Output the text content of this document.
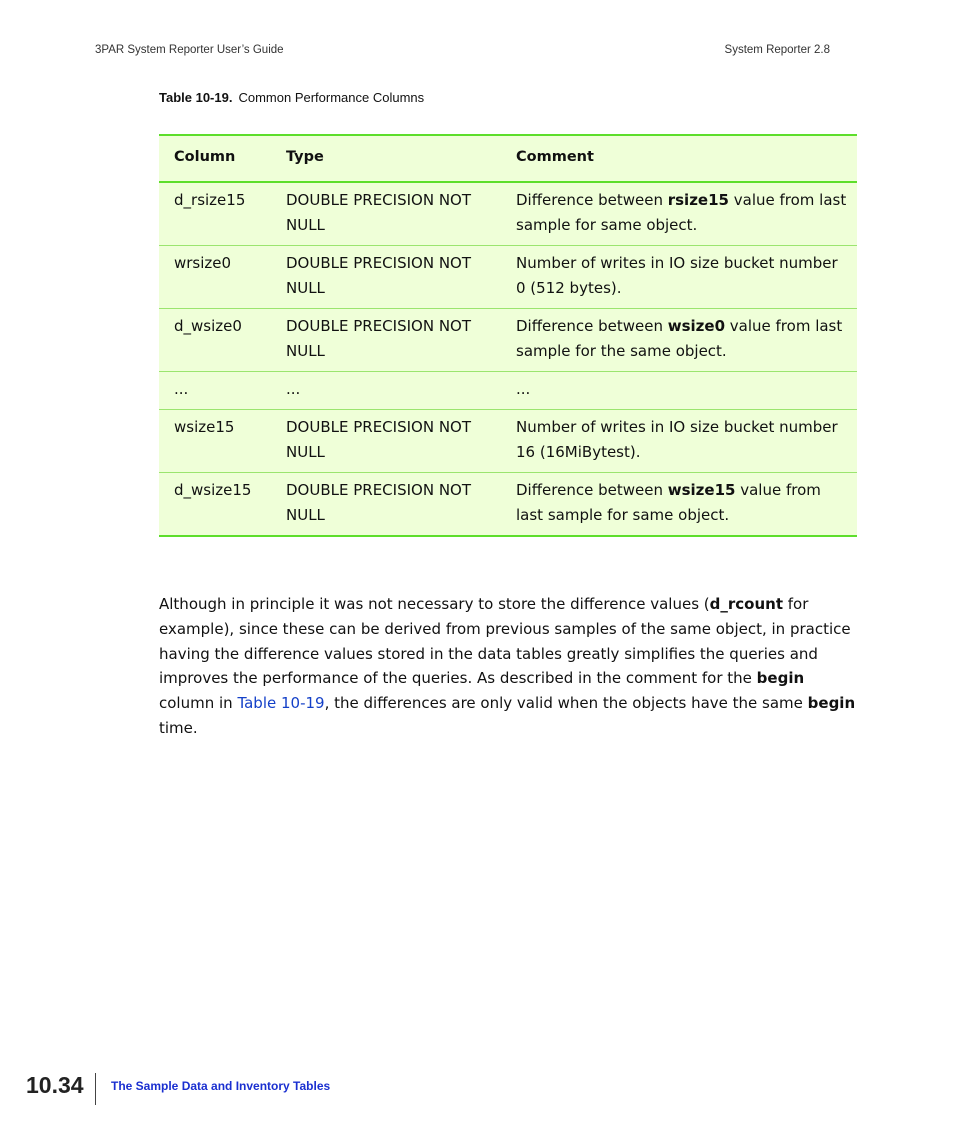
3PAR System Reporter User’s Guide	System Reporter 2.8
Table 10-19. Common Performance Columns
Column	Type	Comment
d_rsize15	DOUBLE PRECISION NOT NULL	Difference between rsize15 value from last sample for same object.
wrsize0	DOUBLE PRECISION NOT NULL	Number of writes in IO size bucket number 0 (512 bytes).
d_wsize0	DOUBLE PRECISION NOT NULL	Difference between wsize0 value from last sample for the same object.
...	...	...
wsize15	DOUBLE PRECISION NOT NULL	Number of writes in IO size bucket number 16 (16MiBytest).
d_wsize15	DOUBLE PRECISION NOT NULL	Difference between wsize15 value from last sample for same object.

Although in principle it was not necessary to store the difference values (d_rcount for example), since these can be derived from previous samples of the same object, in practice having the difference values stored in the data tables greatly simplifies the queries and improves the performance of the queries. As described in the comment for the begin column in Table 10-19, the differences are only valid when the objects have the same begin time.

10.34 The Sample Data and Inventory Tables
